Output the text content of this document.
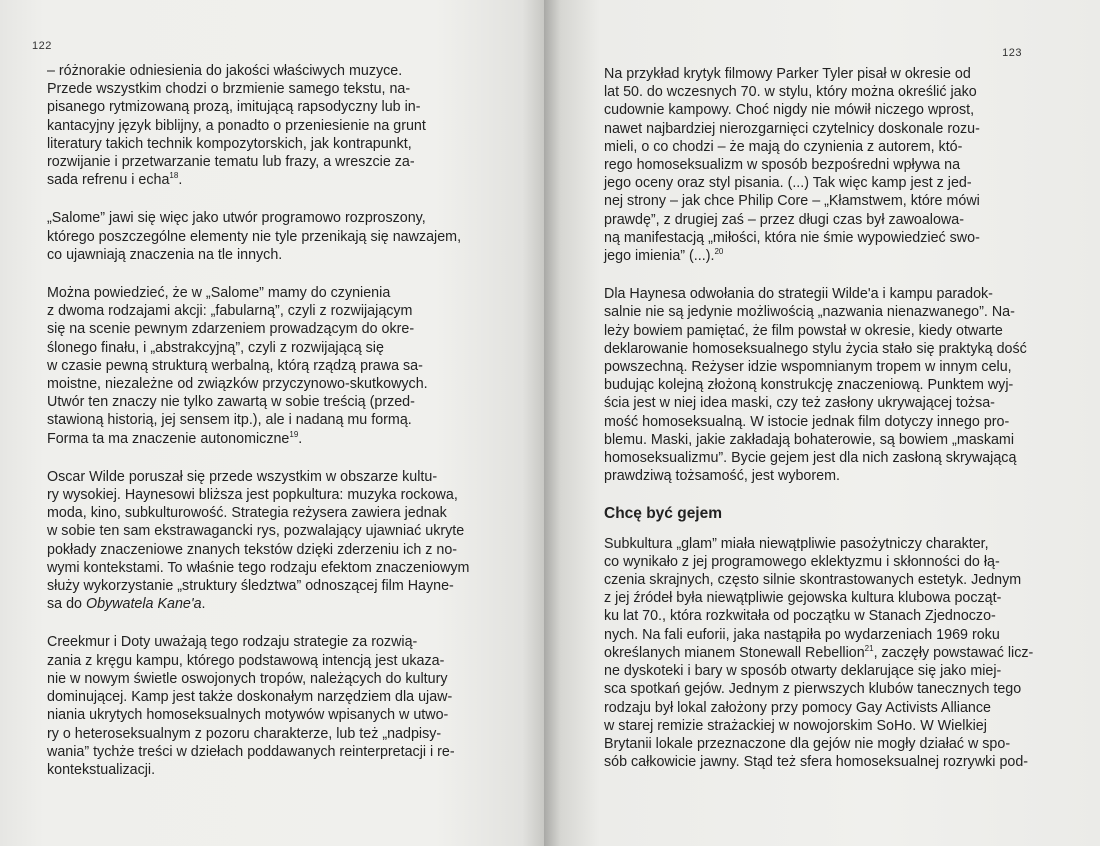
122
– różnorakie odniesienia do jakości właściwych muzyce.
Przede wszystkim chodzi o brzmienie samego tekstu, na-
pisanego rytmizowaną prozą, imitującą rapsodyczny lub in-
kantacyjny język biblijny, a ponadto o przeniesienie na grunt
literatury takich technik kompozytorskich, jak kontrapunkt,
rozwijanie i przetwarzanie tematu lub frazy, a wreszcie za-
sada refrenu i echa$^{18}$.
„Salome” jawi się więc jako utwór programowo rozproszony,
którego poszczególne elementy nie tyle przenikają się nawzajem,
co ujawniają znaczenia na tle innych.
Można powiedzieć, że w „Salome” mamy do czynienia
z dwoma rodzajami akcji: „fabularną”, czyli z rozwijającym
się na scenie pewnym zdarzeniem prowadzącym do okre-
ślonego finału, i „abstrakcyjną”, czyli z rozwijającą się
w czasie pewną strukturą werbalną, którą rządzą prawa sa-
moistne, niezależne od związków przyczynowo-skutkowych.
Utwór ten znaczy nie tylko zawartą w sobie treścią (przed-
stawioną historią, jej sensem itp.), ale i nadaną mu formą.
Forma ta ma znaczenie autonomiczne$^{19}$.
Oscar Wilde poruszał się przede wszystkim w obszarze kultu-
ry wysokiej. Haynesowi bliższa jest popkultura: muzyka rockowa,
moda, kino, subkulturowość. Strategia reżysera zawiera jednak
w sobie ten sam ekstrawagancki rys, pozwalający ujawniać ukryte
pokłady znaczeniowe znanych tekstów dzięki zderzeniu ich z no-
wymi kontekstami. To właśnie tego rodzaju efektom znaczeniowym
służy wykorzystanie „struktury śledztwa” odnoszącej film Hayne-
sa do Obywatela Kane'a.
Creekmur i Doty uważają tego rodzaju strategie za rozwią-
zania z kręgu kampu, którego podstawową intencją jest ukaza-
nie w nowym świetle oswojonych tropów, należących do kultury
dominującej. Kamp jest także doskonałym narzędziem dla ujaw-
niania ukrytych homoseksualnych motywów wpisanych w utwo-
ry o heteroseksualnym z pozoru charakterze, lub też „nadpisy-
wania” tychże treści w dziełach poddawanych reinterpretacji i re-
kontekstualizacji.
123
Na przykład krytyk filmowy Parker Tyler pisał w okresie od
lat 50. do wczesnych 70. w stylu, który można określić jako
cudownie kampowy. Choć nigdy nie mówił niczego wprost,
nawet najbardziej nierozgarnięci czytelnicy doskonale rozu-
mieli, o co chodzi – że mają do czynienia z autorem, któ-
rego homoseksualizm w sposób bezpośredni wpływa na
jego oceny oraz styl pisania. (...) Tak więc kamp jest z jed-
nej strony – jak chce Philip Core – „Kłamstwem, które mówi
prawdę”, z drugiej zaś – przez długi czas był zawoalowa-
ną manifestacją „miłości, która nie śmie wypowiedzieć swo-
jego imienia” (...).$^{20}$
Dla Haynesa odwołania do strategii Wilde'a i kampu paradok-
salnie nie są jedynie możliwością „nazwania nienazwanego”. Na-
leży bowiem pamiętać, że film powstał w okresie, kiedy otwarte
deklarowanie homoseksualnego stylu życia stało się praktyką dość
powszechną. Reżyser idzie wspomnianym tropem w innym celu,
budując kolejną złożoną konstrukcję znaczeniową. Punktem wyj-
ścia jest w niej idea maski, czy też zasłony ukrywającej tożsa-
mość homoseksualną. W istocie jednak film dotyczy innego pro-
blemu. Maski, jakie zakładają bohaterowie, są bowiem „maskami
homoseksualizmu”. Bycie gejem jest dla nich zasłoną skrywającą
prawdziwą tożsamość, jest wyborem.
Chcę być gejem
Subkultura „glam” miała niewątpliwie pasożytniczy charakter,
co wynikało z jej programowego eklektyzmu i skłonności do łą-
czenia skrajnych, często silnie skontrastowanych estetyk. Jednym
z jej źródeł była niewątpliwie gejowska kultura klubowa począt-
ku lat 70., która rozkwitała od początku w Stanach Zjednoczo-
nych. Na fali euforii, jaka nastąpiła po wydarzeniach 1969 roku
określanych mianem Stonewall Rebellion$^{21}$, zaczęły powstawać licz-
ne dyskoteki i bary w sposób otwarty deklarujące się jako miej-
sca spotkań gejów. Jednym z pierwszych klubów tanecznych tego
rodzaju był lokal założony przy pomocy Gay Activists Alliance
w starej remizie strażackiej w nowojorskim SoHo. W Wielkiej
Brytanii lokale przeznaczone dla gejów nie mogły działać w spo-
sób całkowicie jawny. Stąd też sfera homoseksualnej rozrywki pod-
